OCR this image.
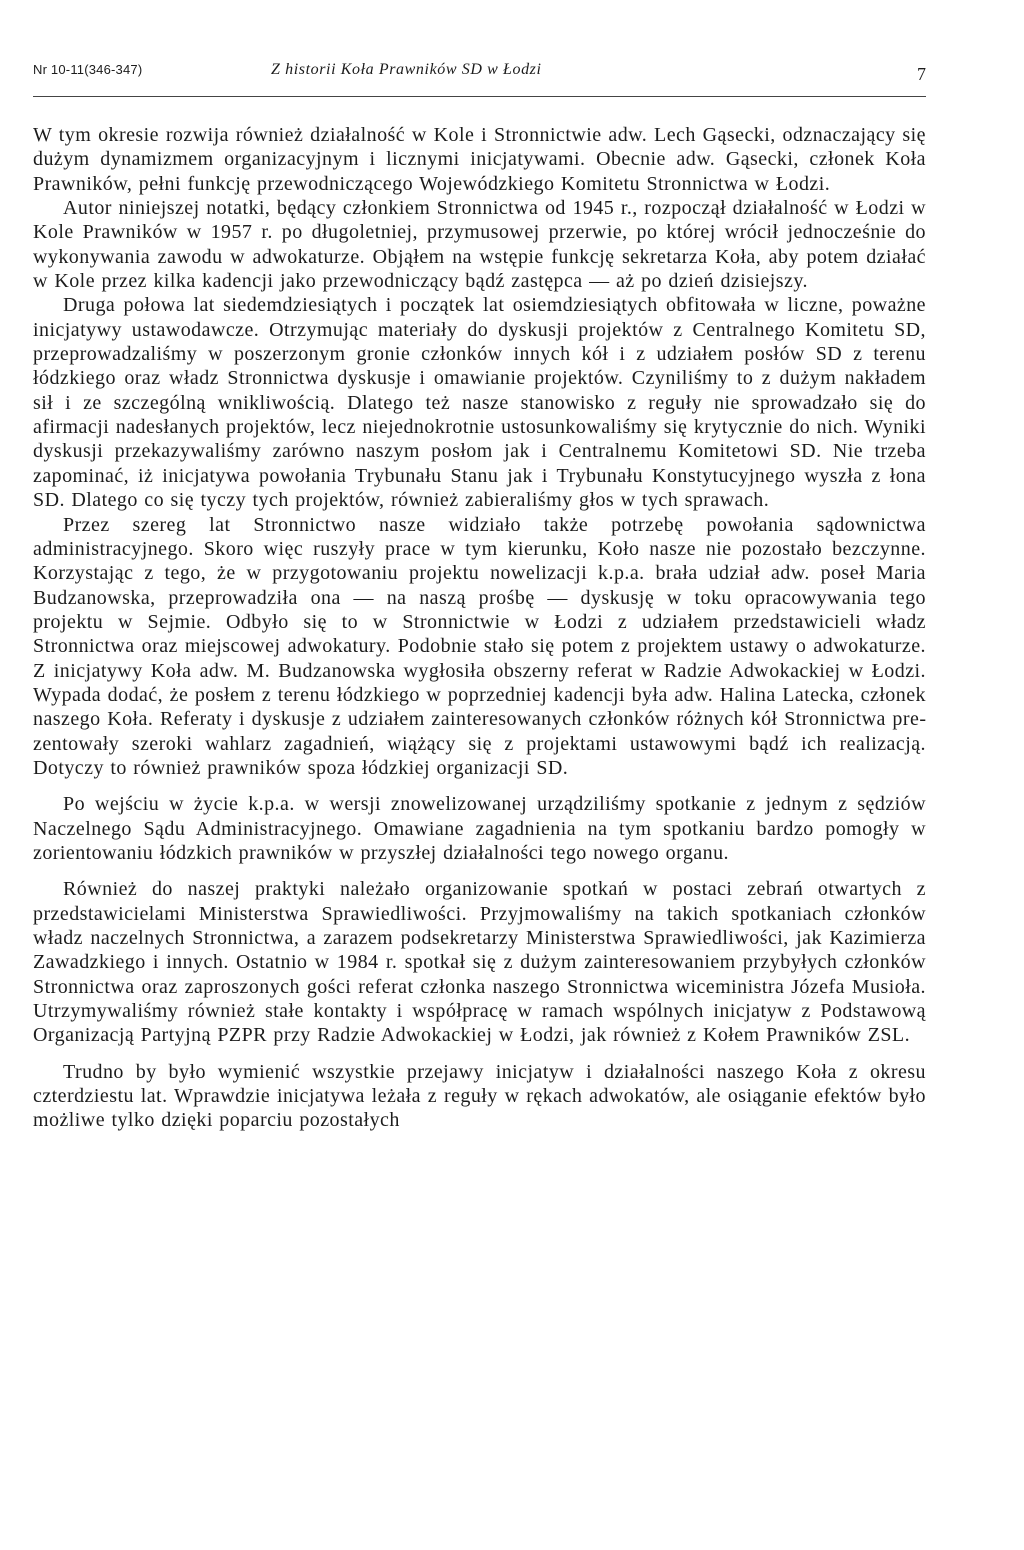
Nr 10-11(346-347)	Z historii Koła Prawników SD w Łodzi	7

W tym okresie rozwija również działalność w Kole i Stronnictwie adw. Lech Gąsecki, odznaczający się dużym dynamizmem organizacyjnym i licznymi inicjatywami. Obecnie adw. Gąsecki, członek Koła Prawników, pełni funkcję przewodniczącego Wojewódzkiego Komitetu Stronnictwa w Łodzi.

Autor niniejszej notatki, będący członkiem Stronnictwa od 1945 r., rozpoczął działalność w Łodzi w Kole Prawników w 1957 r. po długoletniej, przymusowej przerwie, po której wrócił jednocześnie do wykonywania zawodu w adwokaturze. Objąłem na wstępie funkcję sekretarza Koła, aby potem działać w Kole przez kilka kadencji jako przewodniczący bądź zastępca — aż po dzień dzisiejszy.

Druga połowa lat siedemdziesiątych i początek lat osiemdziesiątych obfitowała w liczne, poważne inicjatywy ustawodawcze. Otrzymując materiały do dyskusji projektów z Centralnego Komitetu SD, przeprowadzaliśmy w poszerzonym gronie członków innych kół i z udziałem posłów SD z terenu łódzkiego oraz władz Stronnictwa dyskusje i omawianie projektów. Czyniliśmy to z dużym nakładem sił i ze szczególną wnikliwością. Dlatego też nasze stanowisko z reguły nie sprowadzało się do afirmacji nadesłanych projektów, lecz niejednokrotnie ustosunkowaliśmy się krytycznie do nich. Wyniki dyskusji przekazywaliśmy zarówno naszym posłom jak i Centralnemu Komitetowi SD. Nie trzeba zapominać, iż inicjatywa powołania Trybunału Stanu jak i Trybunału Konstytucyjnego wyszła z łona SD. Dlatego co się tyczy tych projektów, również zabieraliśmy głos w tych sprawach.

Przez szereg lat Stronnictwo nasze widziało także potrzebę powołania sądownictwa administracyjnego. Skoro więc ruszyły prace w tym kierunku, Koło nasze nie pozostało bezczynne. Korzystając z tego, że w przygotowaniu projektu nowelizacji k.p.a. brała udział adw. poseł Maria Budzanowska, przeprowadziła ona — na naszą prośbę — dyskusję w toku opracowywania tego projektu w Sejmie. Odbyło się to w Stronnictwie w Łodzi z udziałem przedstawicieli władz Stronnictwa oraz miejscowej adwokatury. Podobnie stało się potem z projektem ustawy o adwokaturze. Z inicjatywy Koła adw. M. Budzanowska wygłosiła obszerny referat w Radzie Adwokackiej w Łodzi. Wypada dodać, że posłem z terenu łódzkiego w poprzedniej kadencji była adw. Halina Latecka, członek naszego Koła. Referaty i dyskusje z udziałem zainteresowanych członków różnych kół Stronnictwa prezentowały szeroki wahlarz zagadnień, wiążący się z projektami ustawowymi bądź ich realizacją. Dotyczy to również prawników spoza łódzkiej organizacji SD.

Po wejściu w życie k.p.a. w wersji znowelizowanej urządziliśmy spotkanie z jednym z sędziów Naczelnego Sądu Administracyjnego. Omawiane zagadnienia na tym spotkaniu bardzo pomogły w zorientowaniu łódzkich prawników w przyszłej działalności tego nowego organu.

Również do naszej praktyki należało organizowanie spotkań w postaci zebrań otwartych z przedstawicielami Ministerstwa Sprawiedliwości. Przyjmowaliśmy na takich spotkaniach członków władz naczelnych Stronnictwa, a zarazem podsekretarzy Ministerstwa Sprawiedliwości, jak Kazimierza Zawadzkiego i innych. Ostatnio w 1984 r. spotkał się z dużym zainteresowaniem przybyłych członków Stronnictwa oraz zaproszonych gości referat członka naszego Stronnictwa wiceministra Józefa Musioła. Utrzymywaliśmy również stałe kontakty i współpracę w ramach wspólnych inicjatyw z Podstawową Organizacją Partyjną PZPR przy Radzie Adwokackiej w Łodzi, jak również z Kołem Prawników ZSL.

Trudno by było wymienić wszystkie przejawy inicjatyw i działalności naszego Koła z okresu czterdziestu lat. Wprawdzie inicjatywa leżała z reguły w rękach adwokatów, ale osiąganie efektów było możliwe tylko dzięki poparciu pozostałych
